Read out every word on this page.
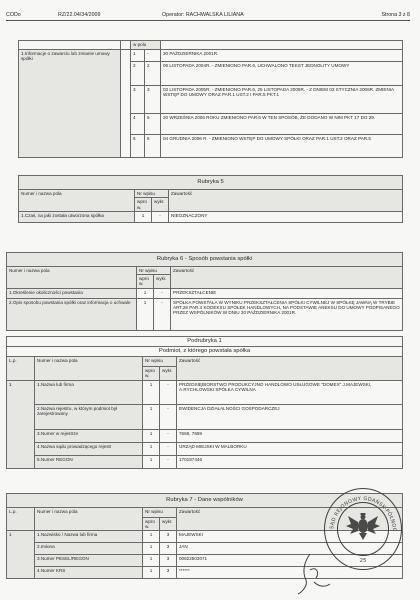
CODo	RZ/22.04/34/2009	Operator: RACHWALSKA LILIANA	Strona 3 z 8
		w polu		
1.Informacje o zawarciu lub zmianie umowy spółki		1	-	30 PAŹDZIERNIKA 2001R.
		2	2	06 LISTOPADA 2004R. - ZMIENIONO PAR.6, UCHWALONO TEKST JEDNOLITY UMOWY
		3	3	03 LISTOPADA 2005R. - ZMIENIONO PAR.6, 25 LISTOPADA 2005R. - Z DNIEM 03 STYCZNIA 2006R. ZMIENIA WSTĘP DO UMOWY ORAZ PAR.1 UST.2 I PAR.5 PKT.1
		4	5	20 WRZEŚNIA 2006 ROKU ZMIENIONO PAR.6 W TEN SPOSÓB, ŻE DODANO W NIM PKT 17 DO 29.
		5	6	04 GRUDNIA 2006 R. - ZMIENIONO WSTĘP DO UMOWY SPÓŁKI ORAZ PAR.1 UST.2 ORAZ PAR.5
Rubryka 5			
Numer i nazwa pola	Nr wpisu		Zawartość
	wprow.	wykr.	
1.Czas, na jaki została utworzona spółka	1	-	NIEOZNACZONY
Rubryka 6 - Sposób powstania spółki			
Numer i nazwa pola	Nr wpisu		Zawartość
	wprow.	wykr.	
1.Określenie okoliczności powstania	1	-	PRZEKSZTAŁCENIE
2.Opis sposobu powstania spółki oraz informacja o uchwale	1	-	SPÓŁKA POWSTAŁA W WYNIKU PRZEKSZTAŁCENIA SPÓŁKI CYWILNEJ W SPÓŁKĘ JAWNĄ W TRYBIE ART.26 PAR.4 KODEKSU SPÓŁEK HANDLOWYCH, NA PODSTAWIE ANEKSU DO UMOWY PODPISANEGO PRZEZ WSPÓLNIKÓW W DNIU 30 PAŹDZIERNIKA 2001R.
Podrubryka 1				
Podmiot, z którego powstała spółka				
L.p.	Numer i nazwa pola	Nr wpisu		Zawartość
		wprow.	wykr.	
1	1.Nazwa lub firma	1	-	PRZEDSIĘBIORSTWO PRODUKCYJNO HANDLOWO USŁUGOWE "DOMEX" J.MAJEWSKI, A.RYCHLOWSKI SPÓŁKA CYWILNA
	2.Nazwa rejestru, w którym podmiot był zarejestrowany	1	-	EWIDENCJA DZIAŁALNOŚCI GOSPODARCZEJ
	3.Numer w rejestrze	1	-	7668, 7669
	4.Nazwa sądu prowadzącego rejestr	1	-	URZĄD MIEJSKI W MALBORKU
	5.Numer REGON	1	-	170187446
Rubryka 7 - Dane wspólników				
L.p.	Numer i nazwa pola	Nr wpisu		Zawartość
		wprow.	wykr.	
1	1.Nazwisko / Nazwa lub firma	1	3	MAJEWSKI
	2.Imiona	1	3	JAN
	3.Numer PESEL/REGON	1	3	00622503071
	4.Numer KRS	1	3	******
SĄD REJONOWY GDAŃSK-PÓŁNOC W GDAŃSKU
25
